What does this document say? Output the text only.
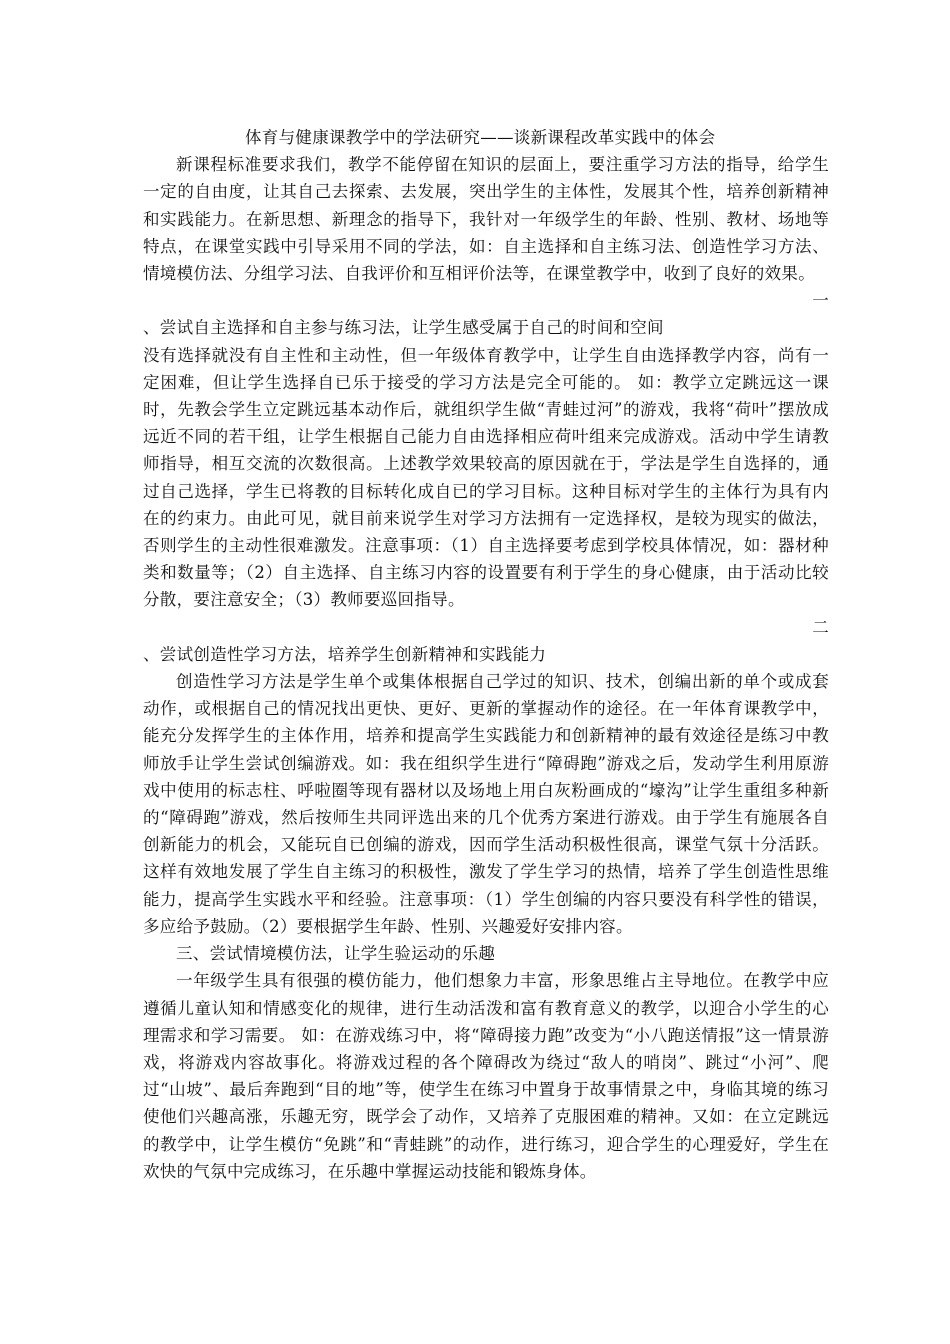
体育与健康课教学中的学法研究——谈新课程改革实践中的体会

新课程标准要求我们，教学不能停留在知识的层面上，要注重学习方法的指导，给学生一定的自由度，让其自己去探索、去发展，突出学生的主体性，发展其个性，培养创新精神和实践能力。在新思想、新理念的指导下，我针对一年级学生的年龄、性别、教材、场地等特点，在课堂实践中引导采用不同的学法，如：自主选择和自主练习法、创造性学习方法、情境模仿法、分组学习法、自我评价和互相评价法等，在课堂教学中，收到了良好的效果。

一

、尝试自主选择和自主参与练习法，让学生感受属于自己的时间和空间

没有选择就没有自主性和主动性，但一年级体育教学中，让学生自由选择教学内容，尚有一定困难，但让学生选择自已乐于接受的学习方法是完全可能的。 如：教学立定跳远这一课时，先教会学生立定跳远基本动作后，就组织学生做“青蛙过河”的游戏，我将“荷叶”摆放成远近不同的若干组，让学生根据自己能力自由选择相应荷叶组来完成游戏。活动中学生请教师指导，相互交流的次数很高。上述教学效果较高的原因就在于，学法是学生自选择的，通过自己选择，学生已将教的目标转化成自已的学习目标。这种目标对学生的主体行为具有内在的约束力。由此可见，就目前来说学生对学习方法拥有一定选择权，是较为现实的做法，否则学生的主动性很难激发。注意事项：（1）自主选择要考虑到学校具体情况，如：器材种类和数量等；（2）自主选择、自主练习内容的设置要有利于学生的身心健康，由于活动比较分散，要注意安全；（3）教师要巡回指导。

二

、尝试创造性学习方法，培养学生创新精神和实践能力

创造性学习方法是学生单个或集体根据自己学过的知识、技术，创编出新的单个或成套动作，或根据自己的情况找出更快、更好、更新的掌握动作的途径。在一年体育课教学中，能充分发挥学生的主体作用，培养和提高学生实践能力和创新精神的最有效途径是练习中教师放手让学生尝试创编游戏。如：我在组织学生进行“障碍跑”游戏之后，发动学生利用原游戏中使用的标志柱、呼啦圈等现有器材以及场地上用白灰粉画成的“壕沟”让学生重组多种新的“障碍跑”游戏，然后按师生共同评选出来的几个优秀方案进行游戏。由于学生有施展各自创新能力的机会，又能玩自已创编的游戏，因而学生活动积极性很高，课堂气氛十分活跃。这样有效地发展了学生自主练习的积极性，激发了学生学习的热情，培养了学生创造性思维能力，提高学生实践水平和经验。注意事项：（1）学生创编的内容只要没有科学性的错误，多应给予鼓励。（2）要根据学生年龄、性别、兴趣爱好安排内容。

三、尝试情境模仿法，让学生验运动的乐趣

一年级学生具有很强的模仿能力，他们想象力丰富，形象思维占主导地位。在教学中应遵循儿童认知和情感变化的规律，进行生动活泼和富有教育意义的教学，以迎合小学生的心理需求和学习需要。 如：在游戏练习中，将“障碍接力跑”改变为“小八跑送情报”这一情景游戏，将游戏内容故事化。将游戏过程的各个障碍改为绕过“敌人的哨岗”、跳过“小河”、爬过“山坡”、最后奔跑到“目的地”等，使学生在练习中置身于故事情景之中，身临其境的练习使他们兴趣高涨，乐趣无穷，既学会了动作，又培养了克服困难的精神。又如：在立定跳远的教学中，让学生模仿“免跳”和“青蛙跳”的动作，进行练习，迎合学生的心理爱好，学生在欢快的气氛中完成练习，在乐趣中掌握运动技能和锻炼身体。
